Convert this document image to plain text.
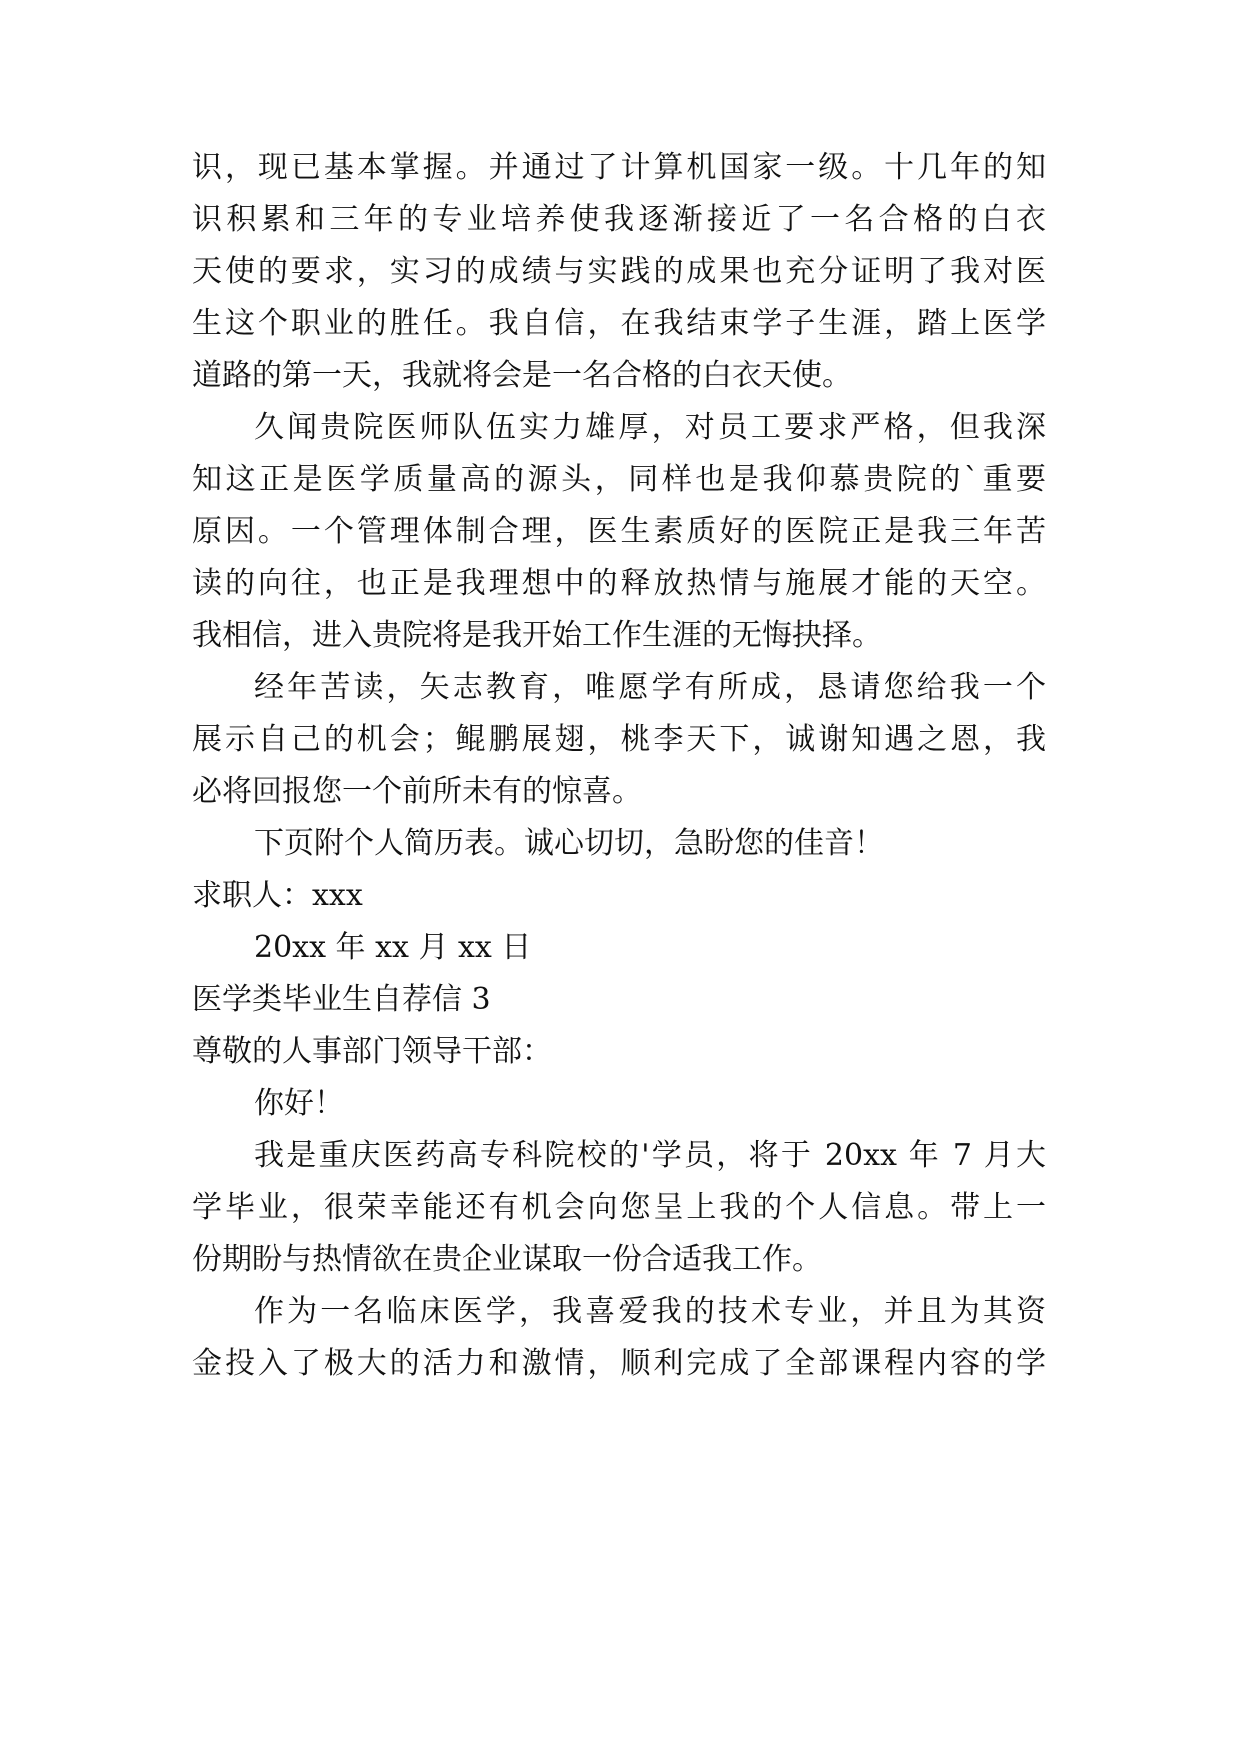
识，现已基本掌握。并通过了计算机国家一级。十几年的知
识积累和三年的专业培养使我逐渐接近了一名合格的白衣
天使的要求，实习的成绩与实践的成果也充分证明了我对医
生这个职业的胜任。我自信，在我结束学子生涯，踏上医学
道路的第一天，我就将会是一名合格的白衣天使。
久闻贵院医师队伍实力雄厚，对员工要求严格，但我深
知这正是医学质量高的源头，同样也是我仰慕贵院的`重要
原因。一个管理体制合理，医生素质好的医院正是我三年苦
读的向往，也正是我理想中的释放热情与施展才能的天空。
我相信，进入贵院将是我开始工作生涯的无悔抉择。
经年苦读，矢志教育，唯愿学有所成，恳请您给我一个
展示自己的机会；鲲鹏展翅，桃李天下，诚谢知遇之恩，我
必将回报您一个前所未有的惊喜。
下页附个人简历表。诚心切切，急盼您的佳音！
求职人：xxx
20xx 年 xx 月 xx 日
医学类毕业生自荐信 3
尊敬的人事部门领导干部：
你好！
我是重庆医药高专科院校的'学员，将于 20xx 年 7 月大
学毕业，很荣幸能还有机会向您呈上我的个人信息。带上一
份期盼与热情欲在贵企业谋取一份合适我工作。
作为一名临床医学，我喜爱我的技术专业，并且为其资
金投入了极大的活力和激情，顺利完成了全部课程内容的学
